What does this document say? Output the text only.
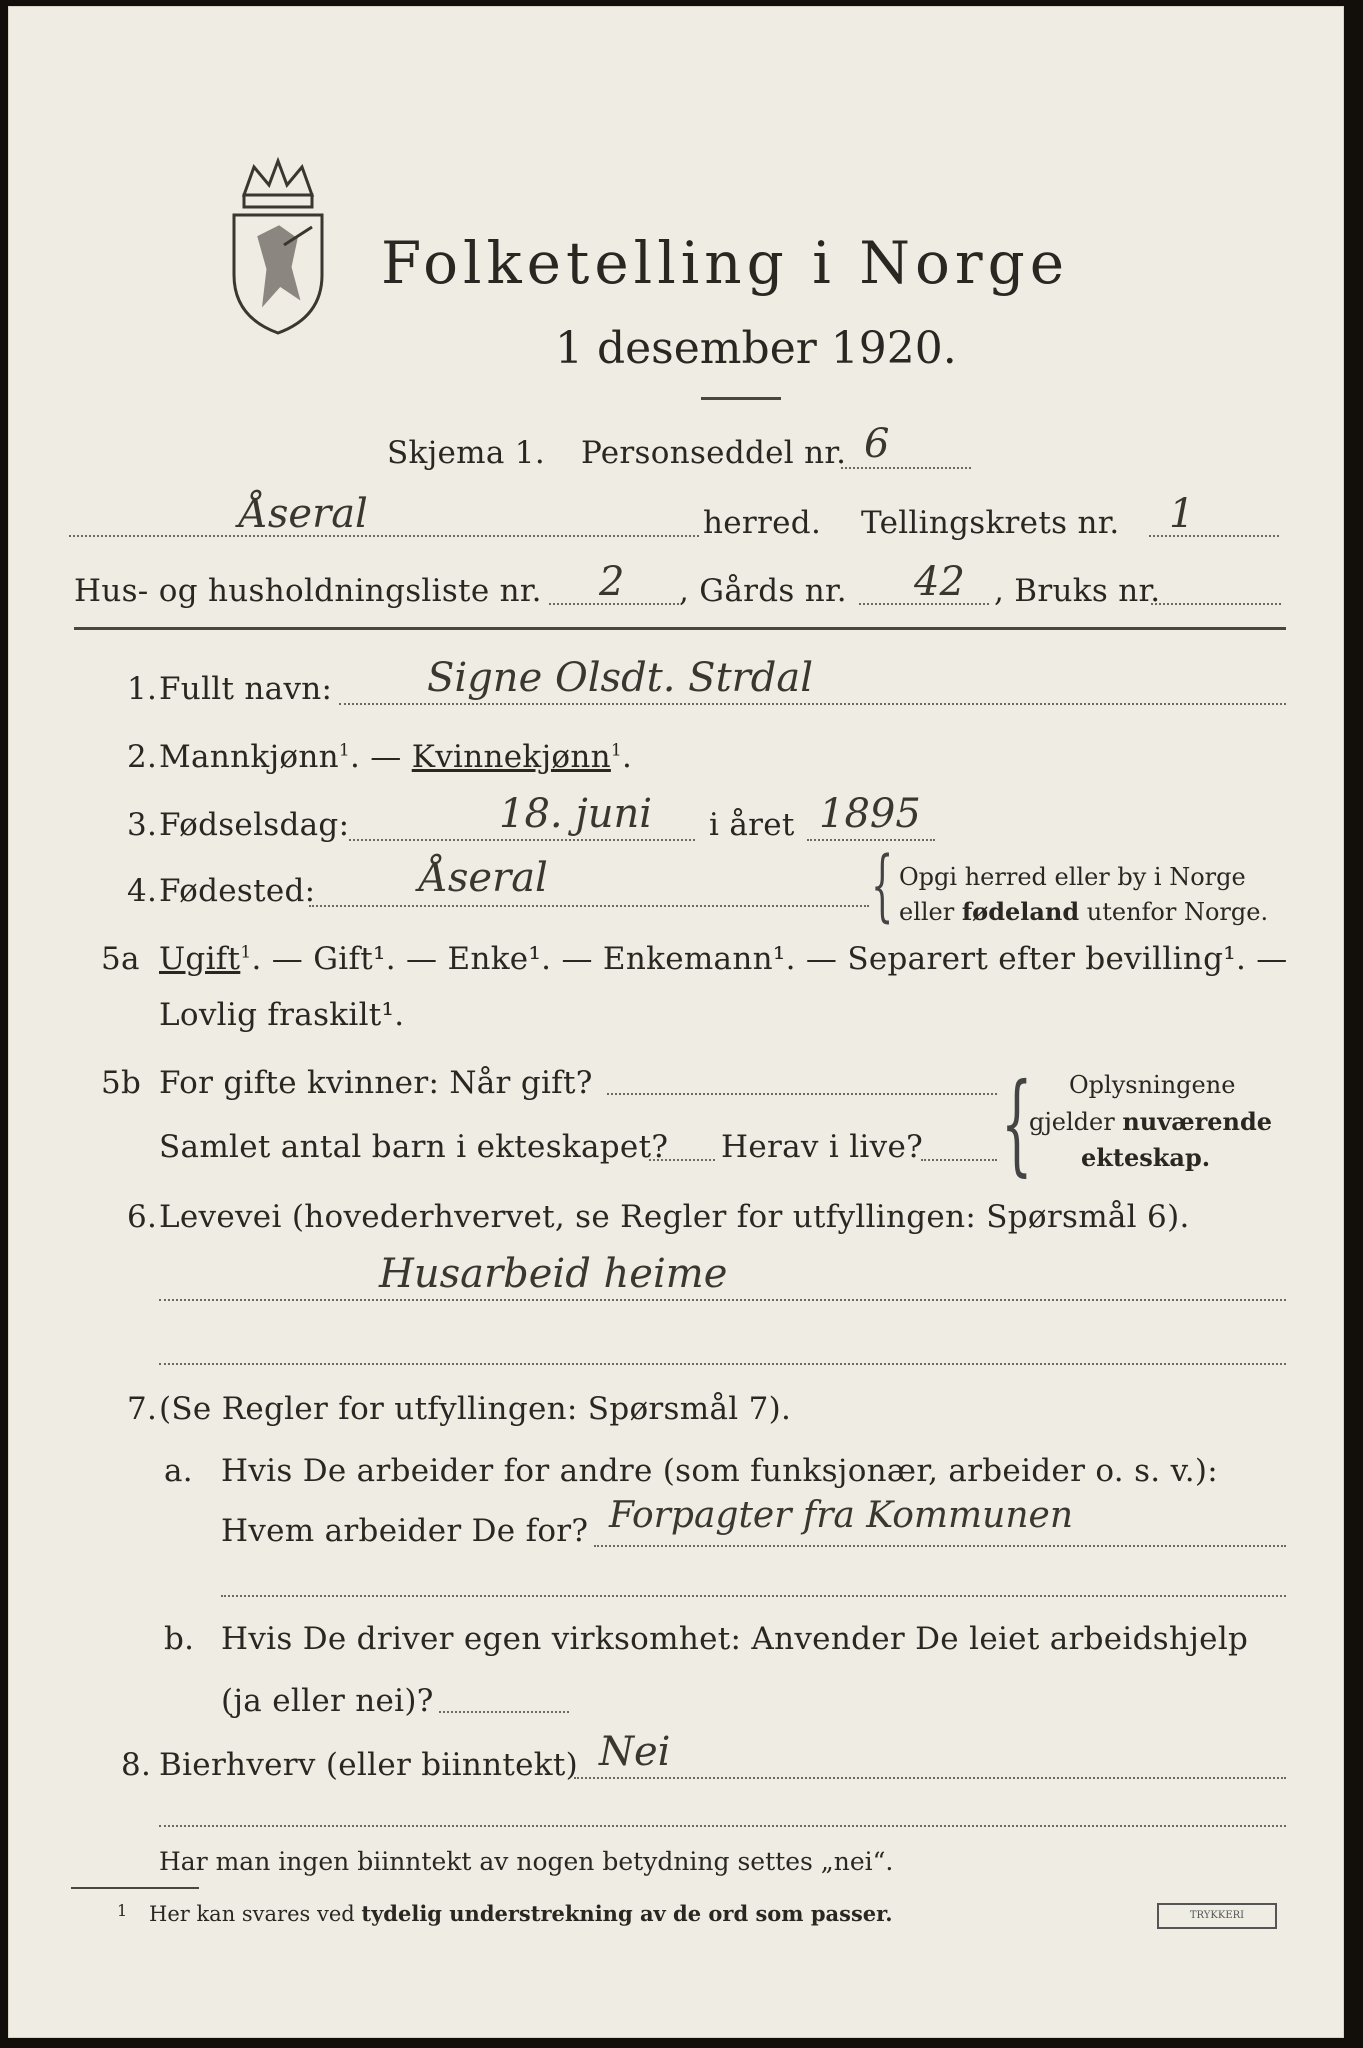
Folketelling i Norge
1 desember 1920.
Skjema 1. Personseddel nr. 6
Åseral	herred. Tellingskrets nr. 1
Hus- og husholdningsliste nr. 2 , Gårds nr. 42 , Bruks nr.
1. Fullt navn: Signe Olsdt. Strdal
2. Mannkjønn$^1$. — Kvinnekjønn$^1$.
3. Fødselsdag:	18. juni i året 1895
4. Fødested:	Åseral	{ Opgi herred eller by i Norge
eller fødeland utenfor Norge.
5a Ugift$^1$. — Gift¹. — Enke¹. — Enkemann¹. — Separert efter bevilling¹. —
Lovlig fraskilt¹.
5b For gifte kvinner: Når gift?
Samlet antal barn i ekteskapet? Herav i live? { Oplysningene
gjelder nuværende
ekteskap.
6. Levevei (hovederhvervet, se Regler for utfyllingen: Spørsmål 6).
Husarbeid heime
7. (Se Regler for utfyllingen: Spørsmål 7).
a. Hvis De arbeider for andre (som funksjonær, arbeider o. s. v.):
Hvem arbeider De for? Forpagter fra Kommunen
b. Hvis De driver egen virksomhet: Anvender De leiet arbeidshjelp
(ja eller nei)?
8. Bierhverv (eller biinntekt) Nei
Har man ingen biinntekt av nogen betydning settes „nei“.
1 Her kan svares ved tydelig understrekning av de ord som passer.	TRYKKERI
